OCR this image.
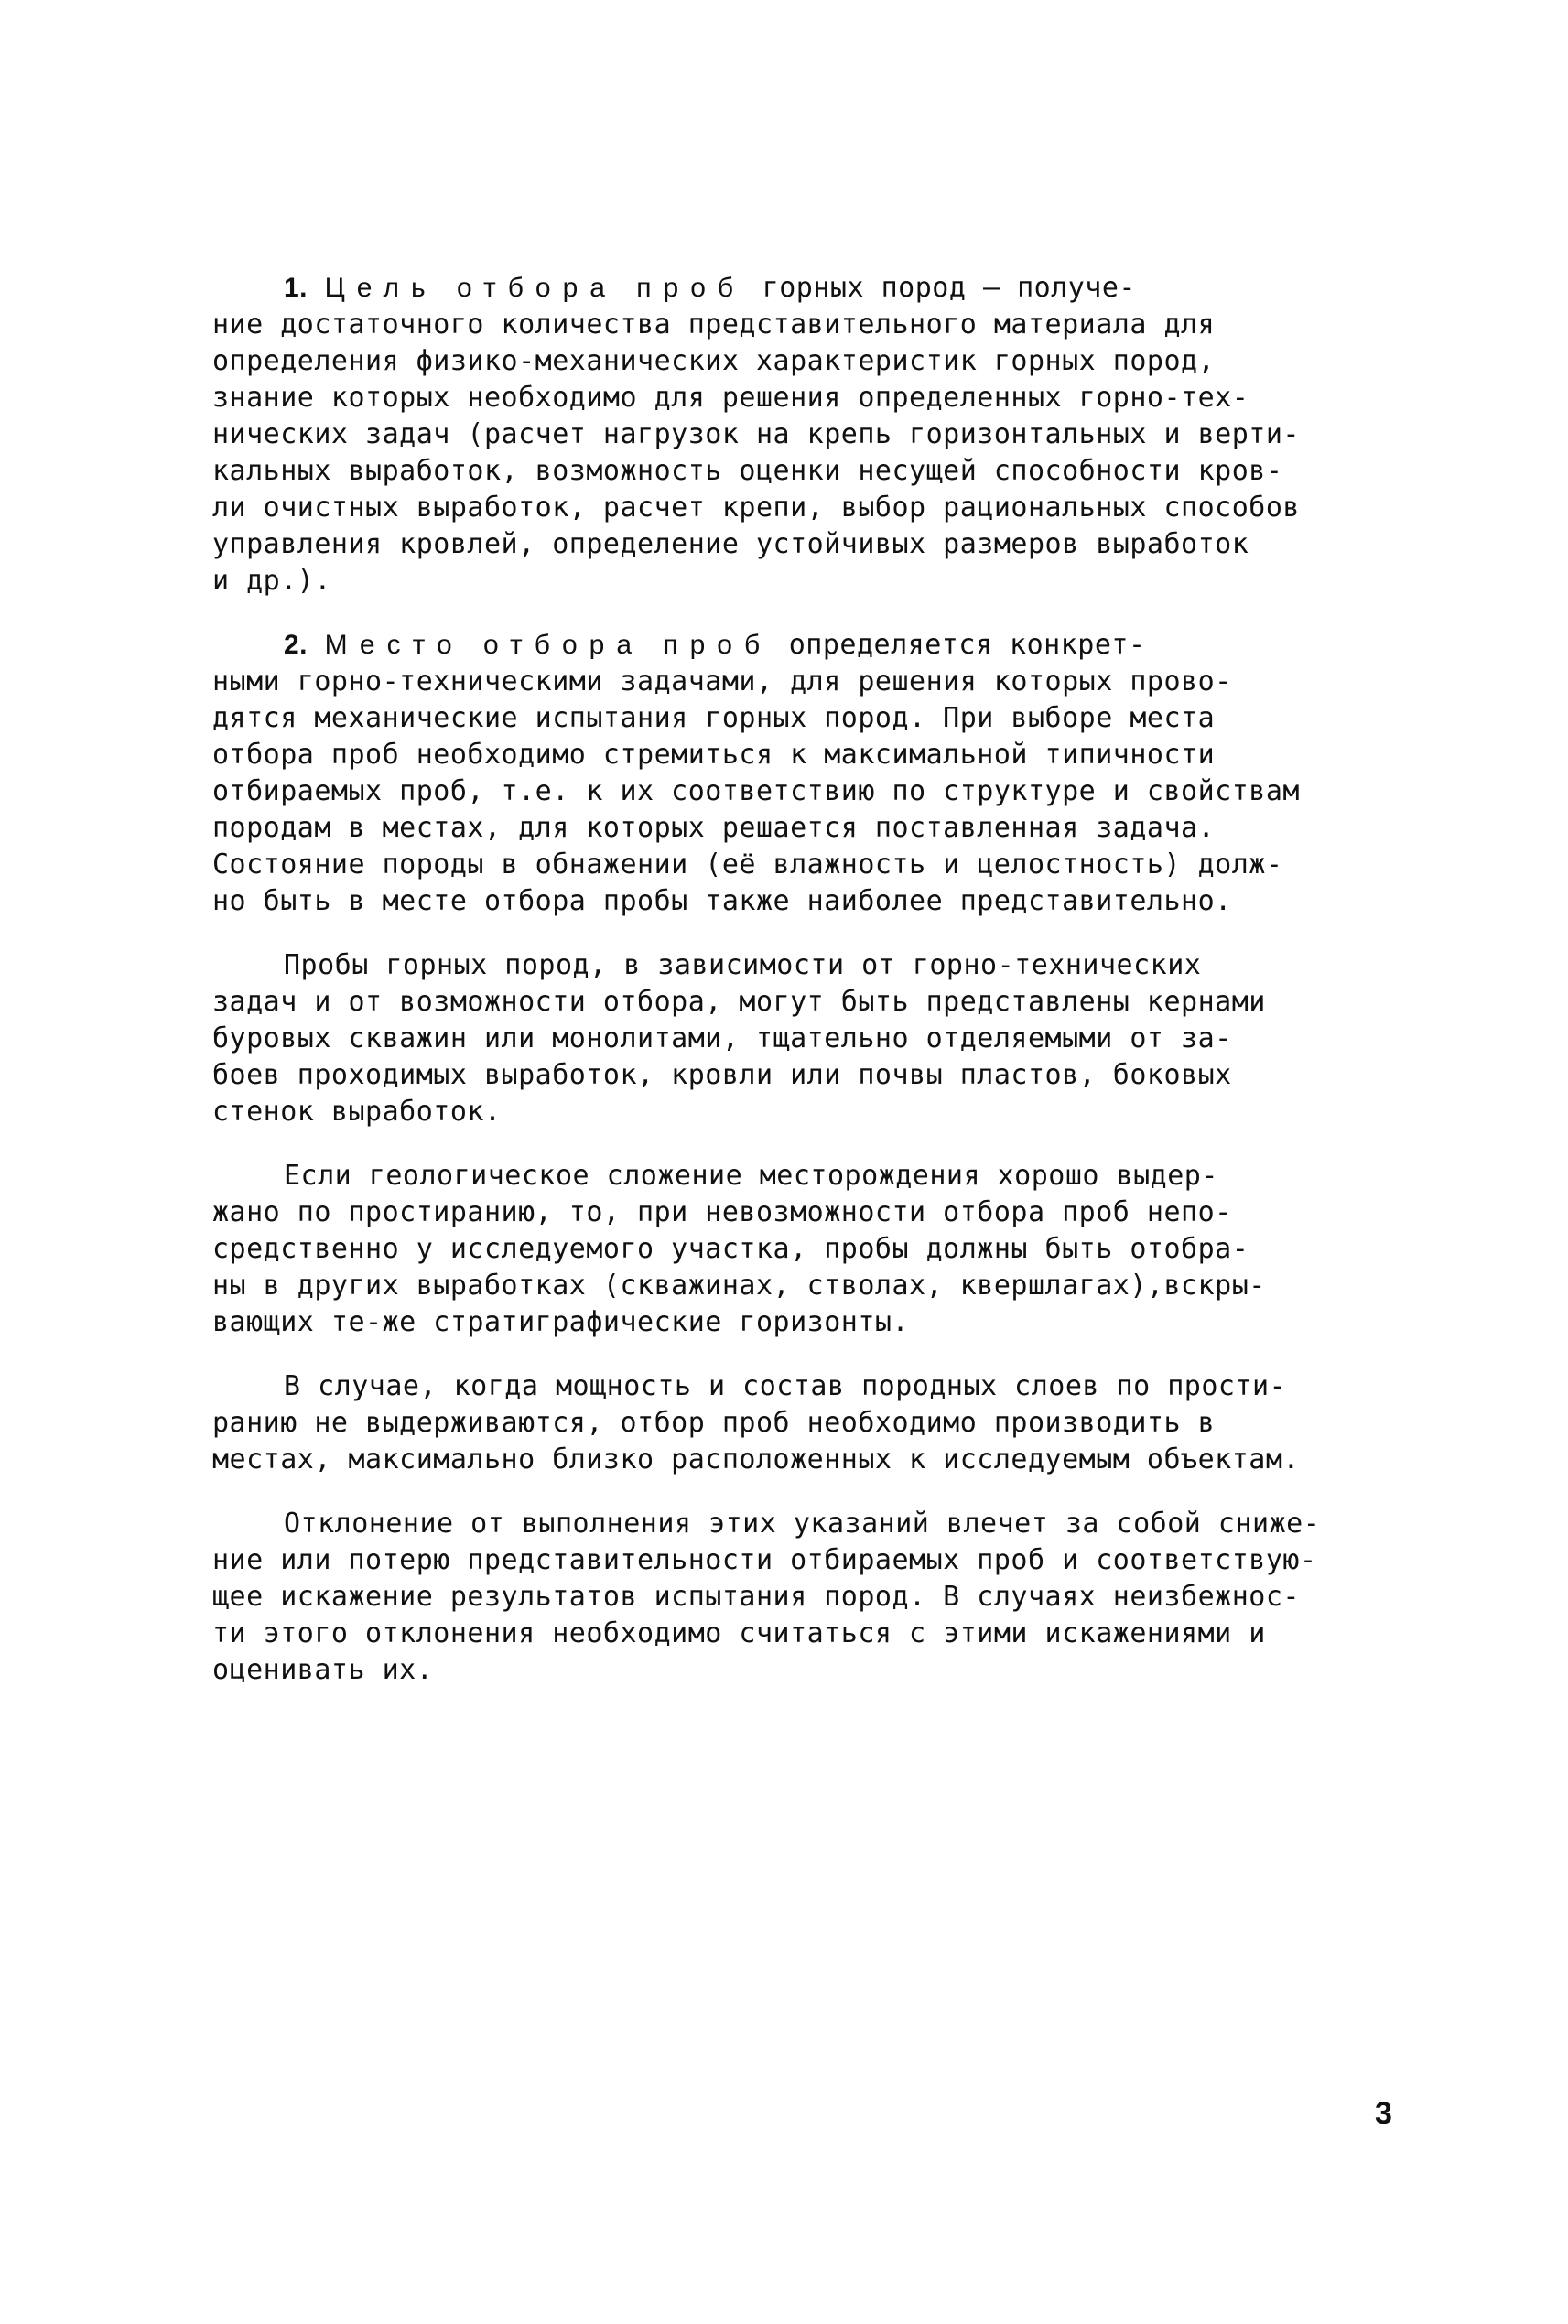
1. Цель отбора проб горных пород – получе-
ние достаточного количества представительного материала для
определения физико-механических характеристик горных пород,
знание которых необходимо для решения определенных горно-тех-
нических задач (расчет нагрузок на крепь горизонтальных и верти-
кальных выработок, возможность оценки несущей способности кров-
ли очистных выработок, расчет крепи, выбор рациональных способов
управления кровлей, определение устойчивых размеров выработок
и др.).
2. Место отбора проб определяется конкрет-
ными горно-техническими задачами, для решения которых прово-
дятся механические испытания горных пород. При выборе места
отбора проб необходимо стремиться к максимальной типичности
отбираемых проб, т.е. к их соответствию по структуре и свойствам
породам в местах, для которых решается поставленная задача.
Состояние породы в обнажении (её влажность и целостность) долж-
но быть в месте отбора пробы также наиболее представительно.
Пробы горных пород, в зависимости от горно-технических
задач и от возможности отбора, могут быть представлены кернами
буровых скважин или монолитами, тщательно отделяемыми от за-
боев проходимых выработок, кровли или почвы пластов, боковых
стенок выработок.
Если геологическое сложение месторождения хорошо выдер-
жано по простиранию, то, при невозможности отбора проб непо-
средственно у исследуемого участка, пробы должны быть отобра-
ны в других выработках (скважинах, стволах, квершлагах),вскры-
вающих те-же стратиграфические горизонты.
В случае, когда мощность и состав породных слоев по прости-
ранию не выдерживаются, отбор проб необходимо производить в
местах, максимально близко расположенных к исследуемым объектам.
Отклонение от выполнения этих указаний влечет за собой сниже-
ние или потерю представительности отбираемых проб и соответствую-
щее искажение результатов испытания пород. В случаях неизбежнос-
ти этого отклонения необходимо считаться с этими искажениями и
оценивать их.
3
